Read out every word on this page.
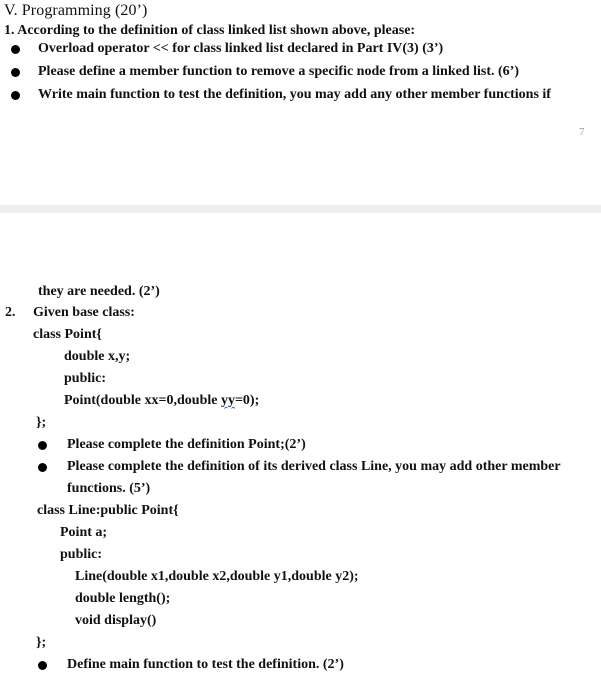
V. Programming (20’)
1. According to the definition of class linked list shown above, please:
Overload operator << for class linked list declared in Part IV(3) (3’)
Please define a member function to remove a specific node from a linked list. (6’)
Write main function to test the definition, you may add any other member functions if
7
they are needed. (2’)
2. Given base class:
class Point{
double x,y;
public:
Point(double xx=0,double yy=0);
};
Please complete the definition Point;(2’)
Please complete the definition of its derived class Line, you may add other member
functions. (5’)
class Line:public Point{
Point a;
public:
Line(double x1,double x2,double y1,double y2);
double length();
void display()
};
Define main function to test the definition. (2’)
